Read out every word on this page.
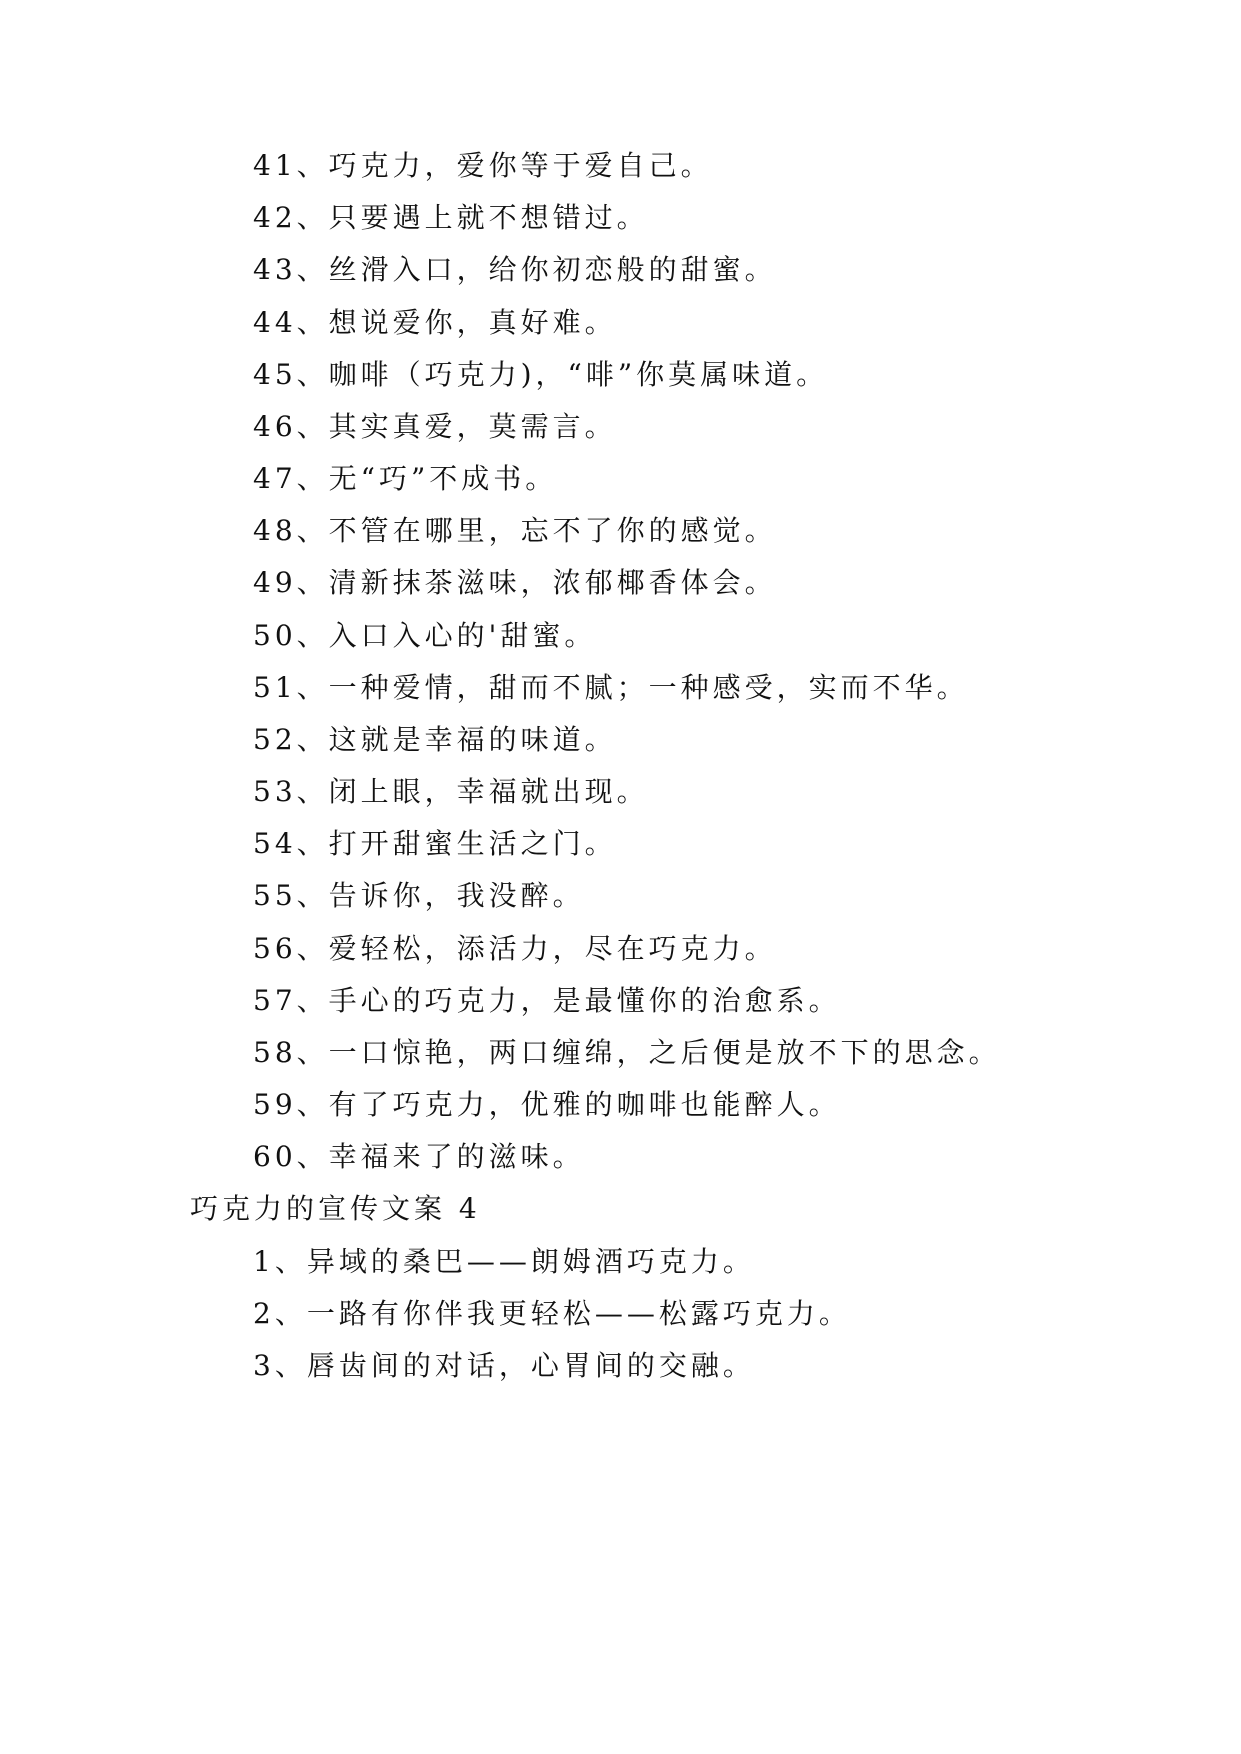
41、巧克力，爱你等于爱自己。
42、只要遇上就不想错过。
43、丝滑入口，给你初恋般的甜蜜。
44、想说爱你，真好难。
45、咖啡（巧克力)，“啡”你莫属味道。
46、其实真爱，莫需言。
47、无“巧”不成书。
48、不管在哪里，忘不了你的感觉。
49、清新抹茶滋味，浓郁椰香体会。
50、入口入心的'甜蜜。
51、一种爱情，甜而不腻；一种感受，实而不华。
52、这就是幸福的味道。
53、闭上眼，幸福就出现。
54、打开甜蜜生活之门。
55、告诉你，我没醉。
56、爱轻松，添活力，尽在巧克力。
57、手心的巧克力，是最懂你的治愈系。
58、一口惊艳，两口缠绵，之后便是放不下的思念。
59、有了巧克力，优雅的咖啡也能醉人。
60、幸福来了的滋味。
巧克力的宣传文案 4
1、异域的桑巴——朗姆酒巧克力。
2、一路有你伴我更轻松——松露巧克力。
3、唇齿间的对话，心胃间的交融。
